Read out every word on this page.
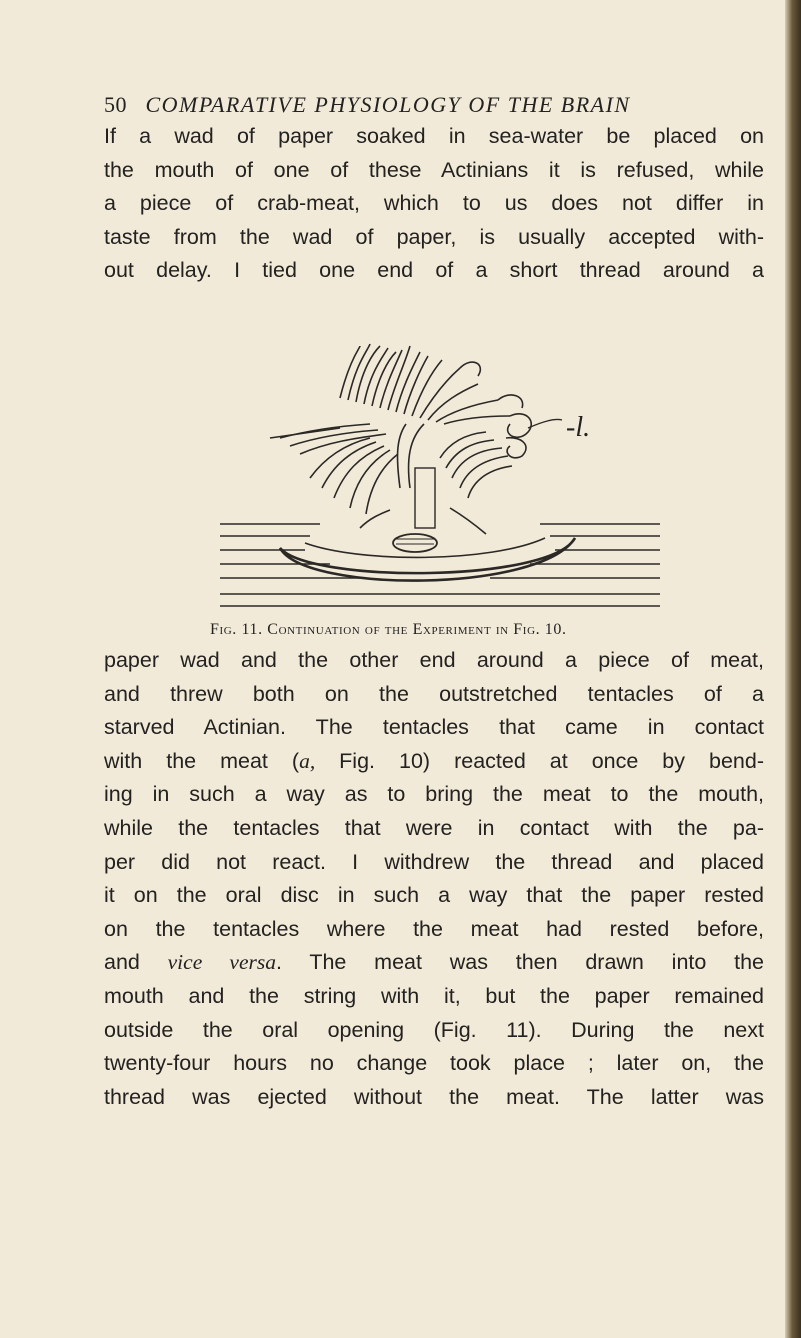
50 COMPARATIVE PHYSIOLOGY OF THE BRAIN
If a wad of paper soaked in sea-water be placed on
the mouth of one of these Actinians it is refused, while
a piece of crab-meat, which to us does not differ in
taste from the wad of paper, is usually accepted with-
out delay. I tied one end of a short thread around a
-l.
Fig. 11. Continuation of the Experiment in Fig. 10.
paper wad and the other end around a piece of meat,
and threw both on the outstretched tentacles of a
starved Actinian. The tentacles that came in contact
with the meat (a, Fig. 10) reacted at once by bend-
ing in such a way as to bring the meat to the mouth,
while the tentacles that were in contact with the pa-
per did not react. I withdrew the thread and placed
it on the oral disc in such a way that the paper rested
on the tentacles where the meat had rested before,
and vice versa. The meat was then drawn into the
mouth and the string with it, but the paper remained
outside the oral opening (Fig. 11). During the next
twenty-four hours no change took place ; later on, the
thread was ejected without the meat. The latter was
